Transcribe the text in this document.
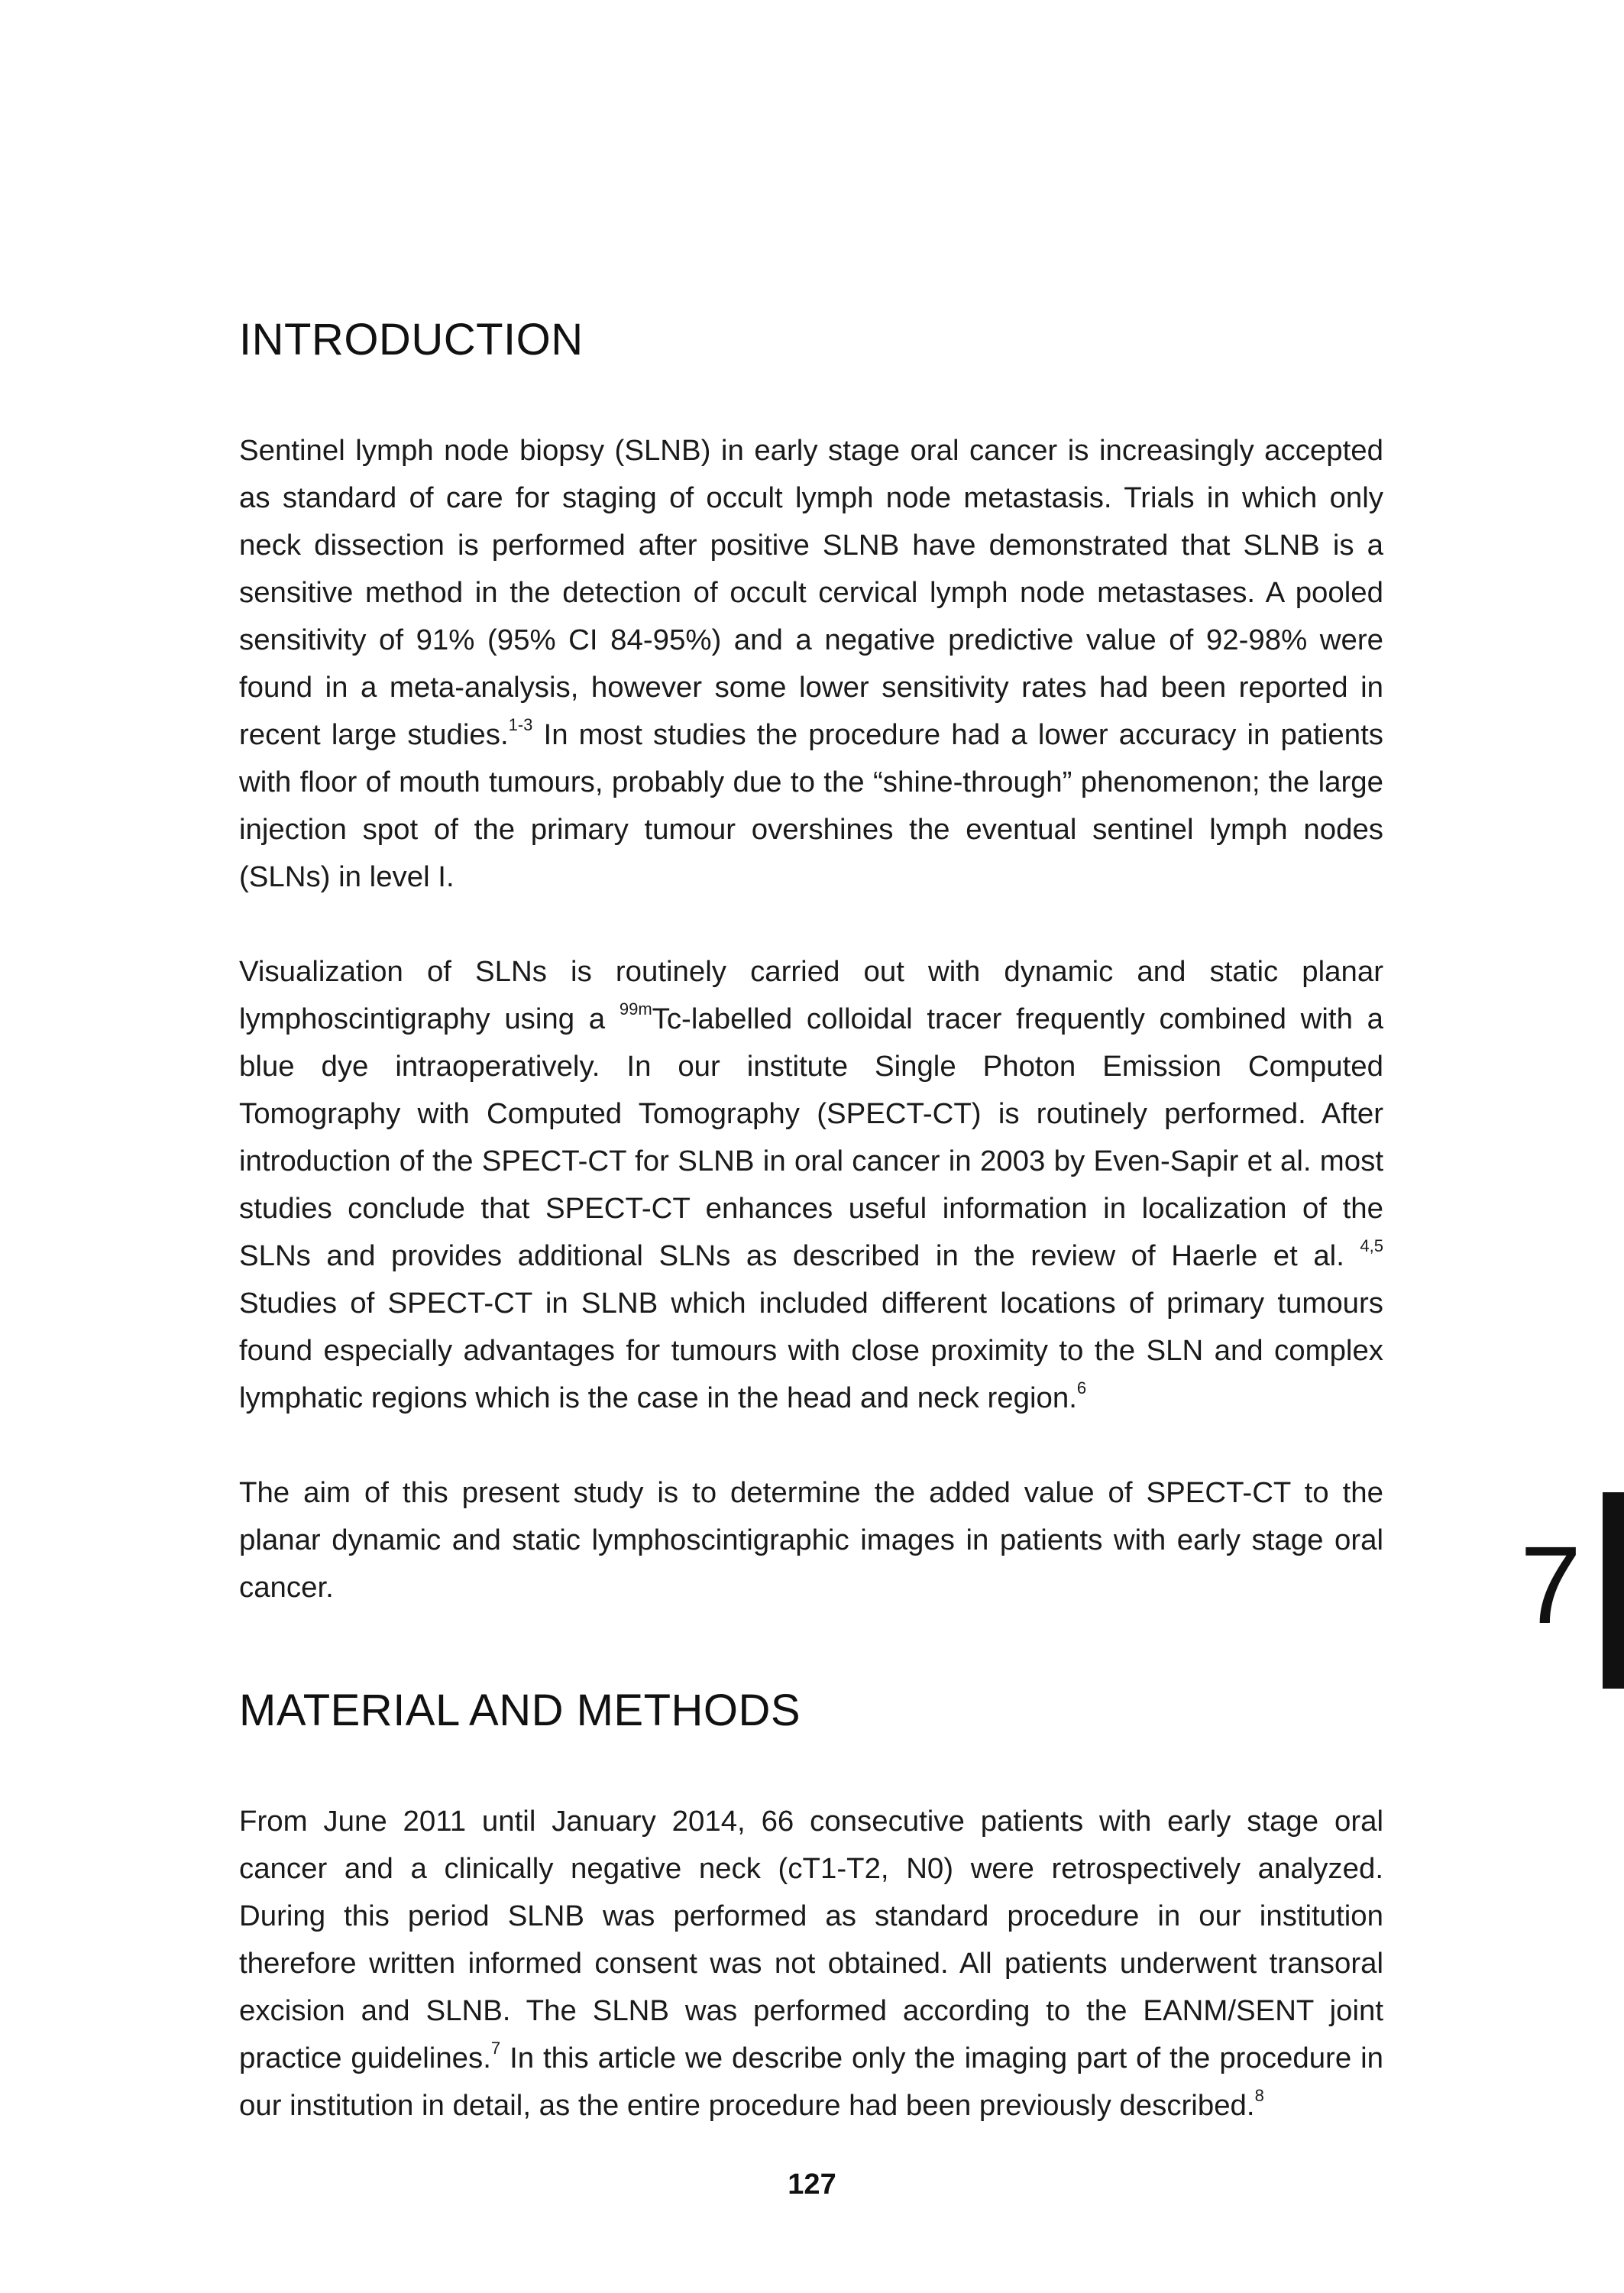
INTRODUCTION

Sentinel lymph node biopsy (SLNB) in early stage oral cancer is increasingly accepted as standard of care for staging of occult lymph node metastasis. Trials in which only neck dissection is performed after positive SLNB have demonstrated that SLNB is a sensitive method in the detection of occult cervical lymph node metastases. A pooled sensitivity of 91% (95% CI 84-95%) and a negative predictive value of 92-98% were found in a meta-analysis, however some lower sensitivity rates had been reported in recent large studies.$^{1-3}$ In most studies the procedure had a lower accuracy in patients with floor of mouth tumours, probably due to the “shine-through” phenomenon; the large injection spot of the primary tumour overshines the eventual sentinel lymph nodes (SLNs) in level I.

Visualization of SLNs is routinely carried out with dynamic and static planar lymphoscintigraphy using a $^{99m}$Tc-labelled colloidal tracer frequently combined with a blue dye intraoperatively. In our institute Single Photon Emission Computed Tomography with Computed Tomography (SPECT-CT) is routinely performed. After introduction of the SPECT-CT for SLNB in oral cancer in 2003 by Even-Sapir et al. most studies conclude that SPECT-CT enhances useful information in localization of the SLNs and provides additional SLNs as described in the review of Haerle et al. $^{4,5}$ Studies of SPECT-CT in SLNB which included different locations of primary tumours found especially advantages for tumours with close proximity to the SLN and complex lymphatic regions which is the case in the head and neck region.$^6$

The aim of this present study is to determine the added value of SPECT-CT to the planar dynamic and static lymphoscintigraphic images in patients with early stage oral cancer.

MATERIAL AND METHODS

From June 2011 until January 2014, 66 consecutive patients with early stage oral cancer and a clinically negative neck (cT1-T2, N0) were retrospectively analyzed. During this period SLNB was performed as standard procedure in our institution therefore written informed consent was not obtained. All patients underwent transoral excision and SLNB. The SLNB was performed according to the EANM/SENT joint practice guidelines.$^7$ In this article we describe only the imaging part of the procedure in our institution in detail, as the entire procedure had been previously described.$^8$

7
127
